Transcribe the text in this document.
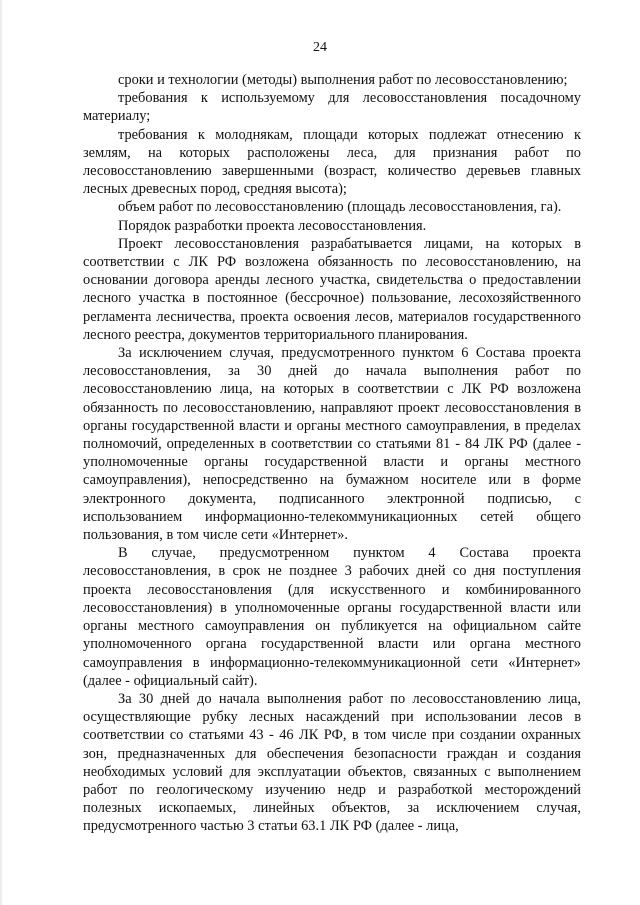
24

сроки и технологии (методы) выполнения работ по лесовосстановлению;

требования к используемому для лесовосстановления посадочному материалу;

требования к молоднякам, площади которых подлежат отнесению к землям, на которых расположены леса, для признания работ по лесовосстановлению завершенными (возраст, количество деревьев главных лесных древесных пород, средняя высота);

объем работ по лесовосстановлению (площадь лесовосстановления, га).

Порядок разработки проекта лесовосстановления.

Проект лесовосстановления разрабатывается лицами, на которых в соответствии с ЛК РФ возложена обязанность по лесовосстановлению, на основании договора аренды лесного участка, свидетельства о предоставлении лесного участка в постоянное (бессрочное) пользование, лесохозяйственного регламента лесничества, проекта освоения лесов, материалов государственного лесного реестра, документов территориального планирования.

За исключением случая, предусмотренного пунктом 6 Состава проекта лесовосстановления, за 30 дней до начала выполнения работ по лесовосстановлению лица, на которых в соответствии с ЛК РФ возложена обязанность по лесовосстановлению, направляют проект лесовосстановления в органы государственной власти и органы местного самоуправления, в пределах полномочий, определенных в соответствии со статьями 81 - 84 ЛК РФ (далее - уполномоченные органы государственной власти и органы местного самоуправления), непосредственно на бумажном носителе или в форме электронного документа, подписанного электронной подписью, с использованием информационно-телекоммуникационных сетей общего пользования, в том числе сети «Интернет».

В случае, предусмотренном пунктом 4 Состава проекта лесовосстановления, в срок не позднее 3 рабочих дней со дня поступления проекта лесовосстановления (для искусственного и комбинированного лесовосстановления) в уполномоченные органы государственной власти или органы местного самоуправления он публикуется на официальном сайте уполномоченного органа государственной власти или органа местного самоуправления в информационно-телекоммуникационной сети «Интернет» (далее - официальный сайт).

За 30 дней до начала выполнения работ по лесовосстановлению лица, осуществляющие рубку лесных насаждений при использовании лесов в соответствии со статьями 43 - 46 ЛК РФ, в том числе при создании охранных зон, предназначенных для обеспечения безопасности граждан и создания необходимых условий для эксплуатации объектов, связанных с выполнением работ по геологическому изучению недр и разработкой месторождений полезных ископаемых, линейных объектов, за исключением случая, предусмотренного частью 3 статьи 63.1 ЛК РФ (далее - лица,
